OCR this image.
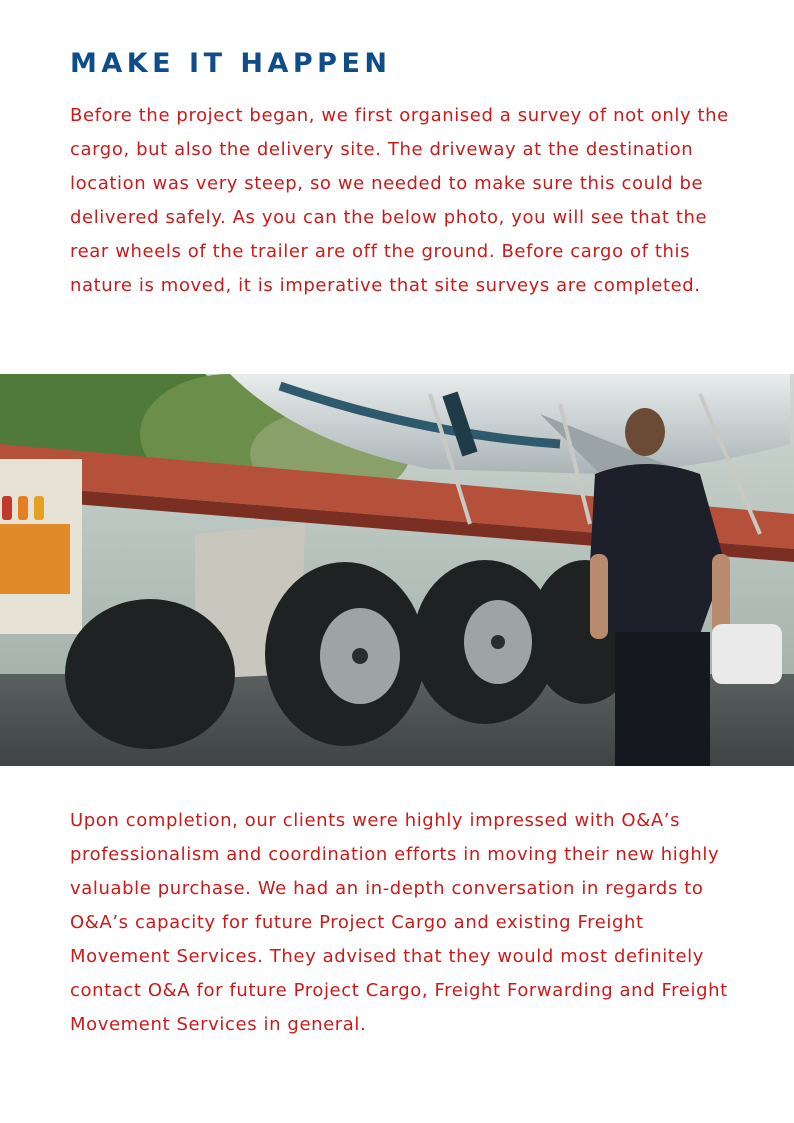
MAKE IT HAPPEN

Before the project began, we first organised a survey of not only the cargo, but also the delivery site. The driveway at the destination location was very steep, so we needed to make sure this could be delivered safely. As you can the below photo, you will see that the rear wheels of the trailer are off the ground. Before cargo of this nature is moved, it is imperative that site surveys are completed.

Upon completion, our clients were highly impressed with O&A’s professionalism and coordination efforts in moving their new highly valuable purchase. We had an in-depth conversation in regards to O&A’s capacity for future Project Cargo and existing Freight Movement Services. They advised that they would most definitely contact O&A for future Project Cargo, Freight Forwarding and Freight Movement Services in general.
